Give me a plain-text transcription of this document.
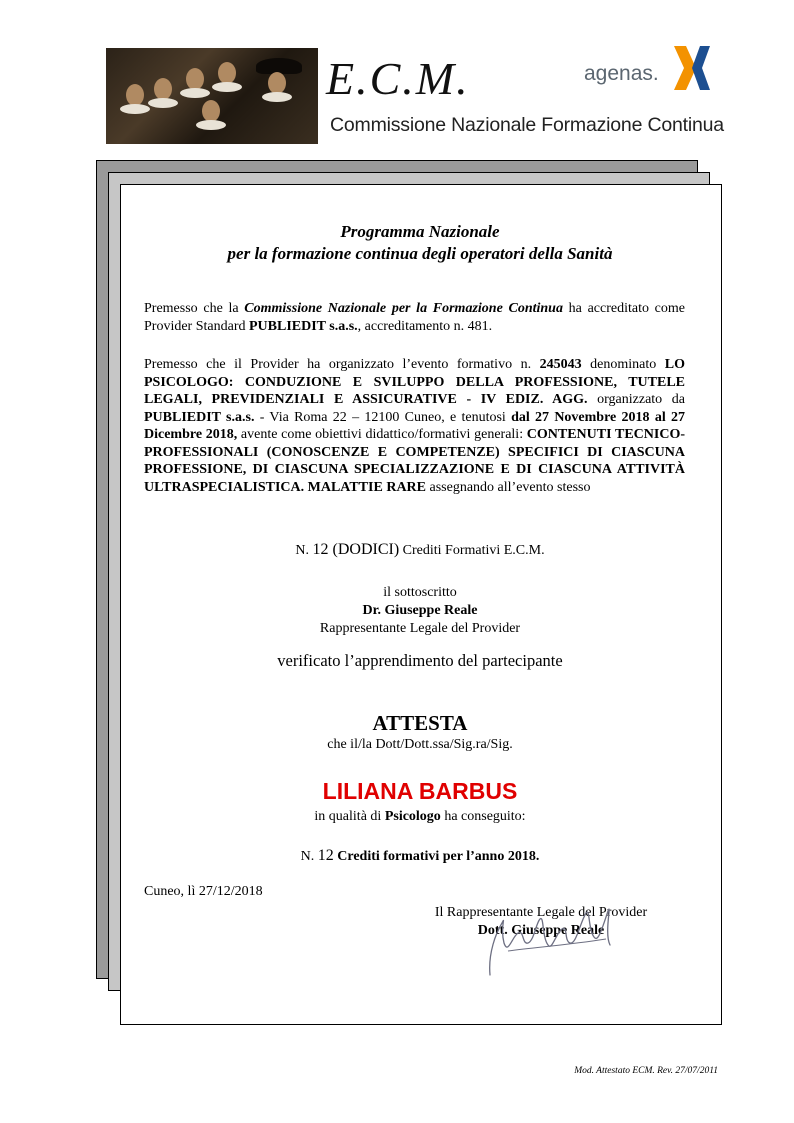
E.C.M.
Commissione Nazionale Formazione Continua
agenas.
Programma Nazionale
per la formazione continua degli operatori della Sanità
Premesso che la Commissione Nazionale per la Formazione Continua ha accreditato come Provider Standard PUBLIEDIT s.a.s., accreditamento n. 481.
Premesso che il Provider ha organizzato l’evento formativo n. 245043 denominato LO PSICOLOGO: CONDUZIONE E SVILUPPO DELLA PROFESSIONE, TUTELE LEGALI, PREVIDENZIALI E ASSICURATIVE - IV EDIZ. AGG. organizzato da PUBLIEDIT s.a.s. - Via Roma 22 – 12100 Cuneo, e tenutosi dal 27 Novembre 2018 al 27 Dicembre 2018, avente come obiettivi didattico/formativi generali: CONTENUTI TECNICO-PROFESSIONALI (CONOSCENZE E COMPETENZE) SPECIFICI DI CIASCUNA PROFESSIONE, DI CIASCUNA SPECIALIZZAZIONE E DI CIASCUNA ATTIVITÀ ULTRASPECIALISTICA. MALATTIE RARE assegnando all’evento stesso
N. 12 (DODICI) Crediti Formativi E.C.M.
il sottoscritto
Dr. Giuseppe Reale
Rappresentante Legale del Provider
verificato l’apprendimento del partecipante
ATTESTA
che il/la Dott/Dott.ssa/Sig.ra/Sig.
LILIANA BARBUS
in qualità di Psicologo ha conseguito:
N. 12 Crediti formativi per l’anno 2018.
Cuneo, lì 27/12/2018
Il Rappresentante Legale del Provider
Dott. Giuseppe Reale
Mod. Attestato ECM. Rev. 27/07/2011
